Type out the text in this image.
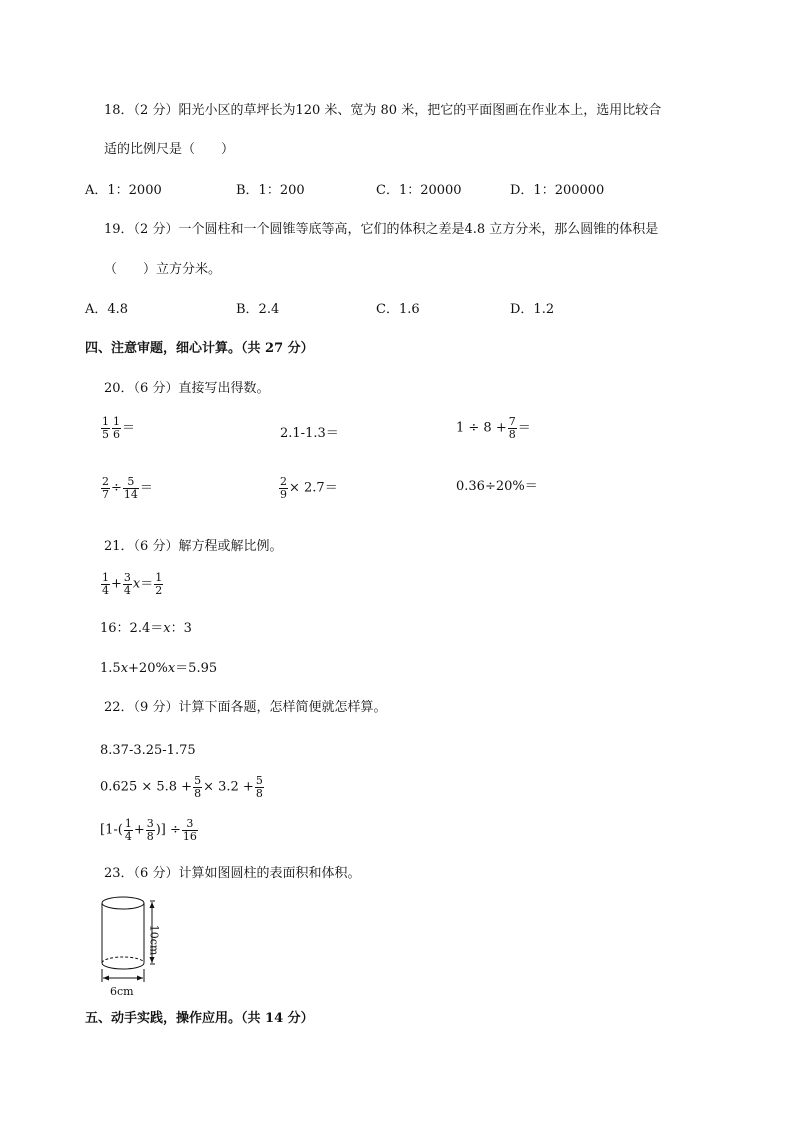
18．（2 分）阳光小区的草坪长为120 米、宽为 80 米，把它的平面图画在作业本上，选用比较合
适的比例尺是（　　）
A．1：2000	B．1：200	C．1：20000	D．1：200000
19．（2 分）一个圆柱和一个圆锥等底等高，它们的体积之差是4.8 立方分米，那么圆锥的体积是
（　　）立方分米。
A．4.8	B．2.4	C．1.6	D．1.2
四、注意审题，细心计算。（共 27 分）
20．（6 分）直接写出得数。
$\frac{1}{5} \frac{1}{6}$ ＝	2.1-1.3＝	$1 \div 8 + \frac{7}{8}$ ＝
$\frac{2}{7} \div \frac{5}{14}$ ＝	$\frac{2}{9} \times 2.7=$	0.36÷20%＝
21．（6 分）解方程或解比例。
$\frac{1}{4} + \frac{3}{4} x= \frac{1}{2}$
16：2.4＝x：3
1.5x+20%x＝5.95
22．（9 分）计算下面各题，怎样简便就怎样算。
8.37-3.25-1.75
$0.625 \times 5.8 + \frac{5}{8} \times 3.2 + \frac{5}{8}$
[$1-( \frac{1}{4} + \frac{3}{8}$ )] ÷ $\frac{3}{16}$
23．（6 分）计算如图圆柱的表面积和体积。
10cm
6cm
五、动手实践，操作应用。（共 14 分）
